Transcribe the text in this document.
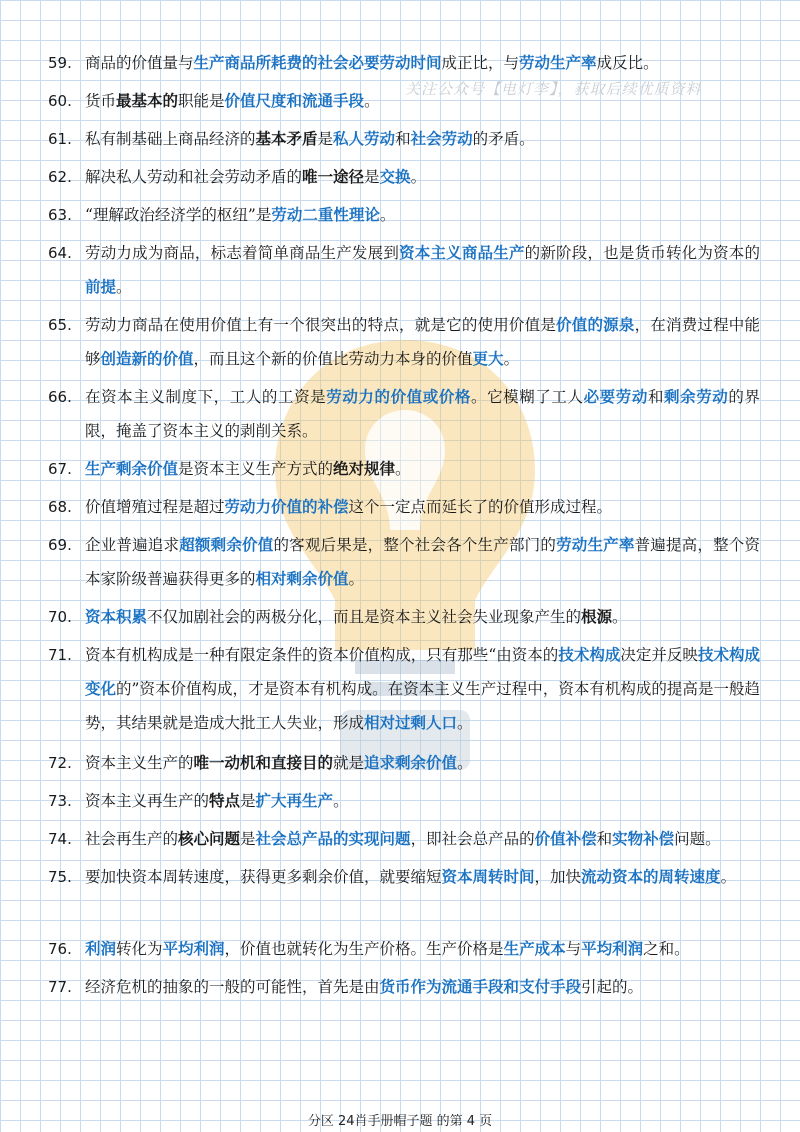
关注公众号【电灯李】，获取后续优质资料
59. 商品的价值量与生产商品所耗费的社会必要劳动时间成正比，与劳动生产率成反比。
60. 货币最基本的职能是价值尺度和流通手段。
61. 私有制基础上商品经济的基本矛盾是私人劳动和社会劳动的矛盾。
62. 解决私人劳动和社会劳动矛盾的唯一途径是交换。
63. “理解政治经济学的枢纽”是劳动二重性理论。
64. 劳动力成为商品，标志着简单商品生产发展到资本主义商品生产的新阶段，也是货币转化为资本的前提。
65. 劳动力商品在使用价值上有一个很突出的特点，就是它的使用价值是价值的源泉，在消费过程中能够创造新的价值，而且这个新的价值比劳动力本身的价值更大。
66. 在资本主义制度下，工人的工资是劳动力的价值或价格。它模糊了工人必要劳动和剩余劳动的界限，掩盖了资本主义的剥削关系。
67. 生产剩余价值是资本主义生产方式的绝对规律。
68. 价值增殖过程是超过劳动力价值的补偿这个一定点而延长了的价值形成过程。
69. 企业普遍追求超额剩余价值的客观后果是，整个社会各个生产部门的劳动生产率普遍提高，整个资本家阶级普遍获得更多的相对剩余价值。
70. 资本积累不仅加剧社会的两极分化，而且是资本主义社会失业现象产生的根源。
71. 资本有机构成是一种有限定条件的资本价值构成，只有那些“由资本的技术构成决定并反映技术构成变化的”资本价值构成，才是资本有机构成。在资本主义生产过程中，资本有机构成的提高是一般趋势，其结果就是造成大批工人失业，形成相对过剩人口。
72. 资本主义生产的唯一动机和直接目的就是追求剩余价值。
73. 资本主义再生产的特点是扩大再生产。
74. 社会再生产的核心问题是社会总产品的实现问题，即社会总产品的价值补偿和实物补偿问题。
75. 要加快资本周转速度，获得更多剩余价值，就要缩短资本周转时间，加快流动资本的周转速度。
76. 利润转化为平均利润，价值也就转化为生产价格。生产价格是生产成本与平均利润之和。
77. 经济危机的抽象的一般的可能性，首先是由货币作为流通手段和支付手段引起的。
分区 24肖手册帽子题 的第 4 页
